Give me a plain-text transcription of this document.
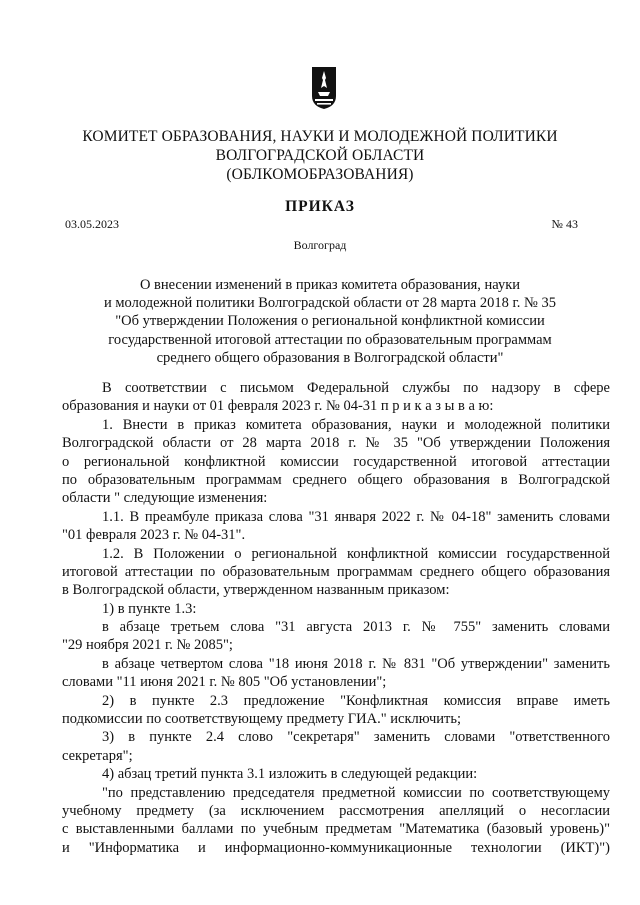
КОМИТЕТ ОБРАЗОВАНИЯ, НАУКИ И МОЛОДЕЖНОЙ ПОЛИТИКИ
ВОЛГОГРАДСКОЙ ОБЛАСТИ
(ОБЛКОМОБРАЗОВАНИЯ)
ПРИКАЗ
03.05.2023	№ 43
Волгоград
О внесении изменений в приказ комитета образования, науки
и молодежной политики Волгоградской области от 28 марта 2018 г. № 35
"Об утверждении Положения о региональной конфликтной комиссии
государственной итоговой аттестации по образовательным программам
среднего общего образования в Волгоградской области"
В соответствии с письмом Федеральной службы по надзору в сфере
образования и науки от 01 февраля 2023 г. № 04-31 п р и к а з ы в а ю:
1. Внести в приказ комитета образования, науки и молодежной политики
Волгоградской области от 28 марта 2018 г. № 35 "Об утверждении Положения
о региональной конфликтной комиссии государственной итоговой аттестации
по образовательным программам среднего общего образования в Волгоградской
области " следующие изменения:
1.1. В преамбуле приказа слова "31 января 2022 г. № 04-18" заменить словами
"01 февраля 2023 г. № 04-31".
1.2. В Положении о региональной конфликтной комиссии государственной
итоговой аттестации по образовательным программам среднего общего образования
в Волгоградской области, утвержденном названным приказом:
1) в пункте 1.3:
в абзаце третьем слова "31 августа 2013 г. № 755" заменить словами
"29 ноября 2021 г. № 2085";
в абзаце четвертом слова "18 июня 2018 г. № 831 "Об утверждении" заменить
словами "11 июня 2021 г. № 805 "Об установлении";
2) в пункте 2.3 предложение "Конфликтная комиссия вправе иметь
подкомиссии по соответствующему предмету ГИА." исключить;
3) в пункте 2.4 слово "секретаря" заменить словами "ответственного
секретаря";
4) абзац третий пункта 3.1 изложить в следующей редакции:
"по представлению председателя предметной комиссии по соответствующему
учебному предмету (за исключением рассмотрения апелляций о несогласии
с выставленными баллами по учебным предметам "Математика (базовый уровень)"
и "Информатика и информационно-коммуникационные технологии (ИКТ)")
